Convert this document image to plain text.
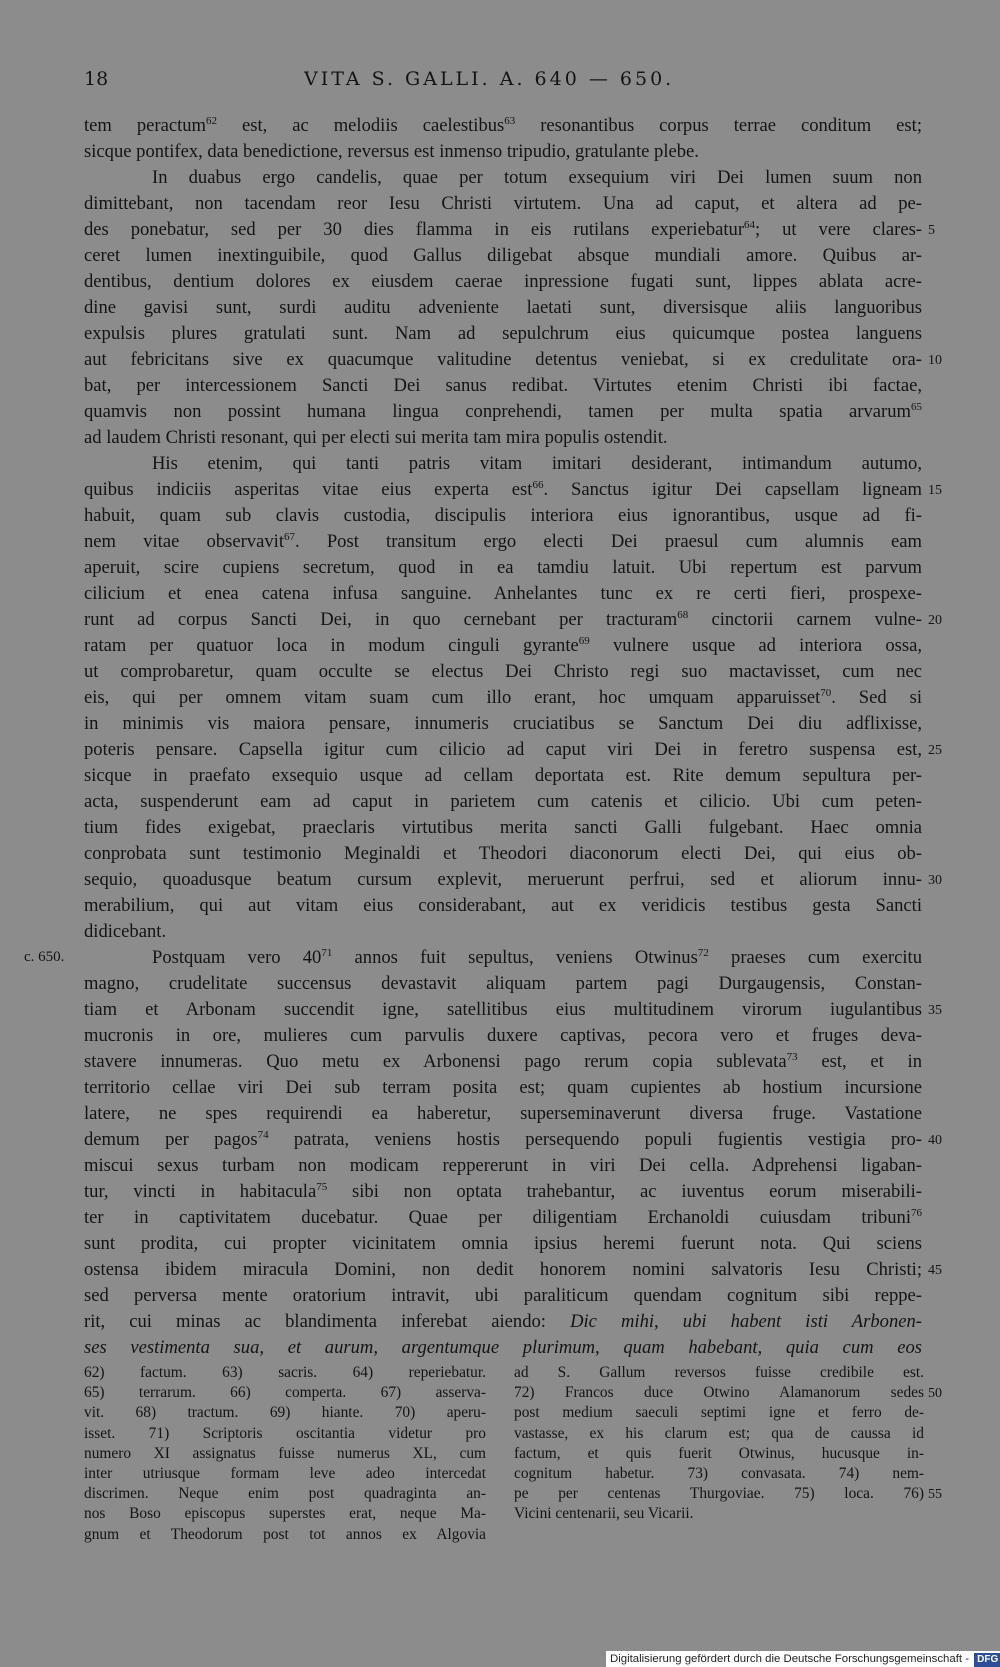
18	VITA S. GALLI. A. 640 — 650.
tem peractum$^{62}$ est, ac melodiis caelestibus$^{63}$ resonantibus corpus terrae conditum est;
sicque pontifex, data benedictione, reversus est inmenso tripudio, gratulante plebe.
In duabus ergo candelis, quae per totum exsequium viri Dei lumen suum non
dimittebant, non tacendam reor Iesu Christi virtutem. Una ad caput, et altera ad pe-
des ponebatur, sed per 30 dies flamma in eis rutilans experiebatur$^{64}$; ut vere clares-
ceret lumen inextinguibile, quod Gallus diligebat absque mundiali amore. Quibus ar-
dentibus, dentium dolores ex eiusdem caerae inpressione fugati sunt, lippes ablata acre-
dine gavisi sunt, surdi auditu adveniente laetati sunt, diversisque aliis languoribus
expulsis plures gratulati sunt. Nam ad sepulchrum eius quicumque postea languens
aut febricitans sive ex quacumque valitudine detentus veniebat, si ex credulitate ora-
bat, per intercessionem Sancti Dei sanus redibat. Virtutes etenim Christi ibi factae,
quamvis non possint humana lingua conprehendi, tamen per multa spatia arvarum$^{65}$
ad laudem Christi resonant, qui per electi sui merita tam mira populis ostendit.
His etenim, qui tanti patris vitam imitari desiderant, intimandum autumo,
quibus indiciis asperitas vitae eius experta est$^{66}$. Sanctus igitur Dei capsellam ligneam
habuit, quam sub clavis custodia, discipulis interiora eius ignorantibus, usque ad fi-
nem vitae observavit$^{67}$. Post transitum ergo electi Dei praesul cum alumnis eam
aperuit, scire cupiens secretum, quod in ea tamdiu latuit. Ubi repertum est parvum
cilicium et enea catena infusa sanguine. Anhelantes tunc ex re certi fieri, prospexe-
runt ad corpus Sancti Dei, in quo cernebant per tracturam$^{68}$ cinctorii carnem vulne-
ratam per quatuor loca in modum cinguli gyrante$^{69}$ vulnere usque ad interiora ossa,
ut comprobaretur, quam occulte se electus Dei Christo regi suo mactavisset, cum nec
eis, qui per omnem vitam suam cum illo erant, hoc umquam apparuisset$^{70}$. Sed si
in minimis vis maiora pensare, innumeris cruciatibus se Sanctum Dei diu adflixisse,
poteris pensare. Capsella igitur cum cilicio ad caput viri Dei in feretro suspensa est,
sicque in praefato exsequio usque ad cellam deportata est. Rite demum sepultura per-
acta, suspenderunt eam ad caput in parietem cum catenis et cilicio. Ubi cum peten-
tium fides exigebat, praeclaris virtutibus merita sancti Galli fulgebant. Haec omnia
conprobata sunt testimonio Meginaldi et Theodori diaconorum electi Dei, qui eius ob-
sequio, quoadusque beatum cursum explevit, meruerunt perfrui, sed et aliorum innu-
merabilium, qui aut vitam eius considerabant, aut ex veridicis testibus gesta Sancti
didicebant.
Postquam vero $40^{71}$ annos fuit sepultus, veniens Otwinus$^{72}$ praeses cum exercitu
magno, crudelitate succensus devastavit aliquam partem pagi Durgaugensis, Constan-
tiam et Arbonam succendit igne, satellitibus eius multitudinem virorum iugulantibus
mucronis in ore, mulieres cum parvulis duxere captivas, pecora vero et fruges deva-
stavere innumeras. Quo metu ex Arbonensi pago rerum copia sublevata$^{73}$ est, et in
territorio cellae viri Dei sub terram posita est; quam cupientes ab hostium incursione
latere, ne spes requirendi ea haberetur, superseminaverunt diversa fruge. Vastatione
demum per pagos$^{74}$ patrata, veniens hostis persequendo populi fugientis vestigia pro-
miscui sexus turbam non modicam reppererunt in viri Dei cella. Adprehensi ligaban-
tur, vincti in habitacula$^{75}$ sibi non optata trahebantur, ac iuventus eorum miserabili-
ter in captivitatem ducebatur. Quae per diligentiam Erchanoldi cuiusdam tribuni$^{76}$
sunt prodita, cui propter vicinitatem omnia ipsius heremi fuerunt nota. Qui sciens
ostensa ibidem miracula Domini, non dedit honorem nomini salvatoris Iesu Christi;
sed perversa mente oratorium intravit, ubi paraliticum quendam cognitum sibi reppe-
rit, cui minas ac blandimenta inferebat aiendo: Dic mihi, ubi habent isti Arbonen-
ses vestimenta sua, et aurum, argentumque plurimum, quam habebant, quia cum eos
5
10
15
20
25
30
c. 650.
35
40
45
50
55
62) factum. 63) sacris. 64) reperiebatur.
65) terrarum. 66) comperta. 67) asserva-
vit. 68) tractum. 69) hiante. 70) aperu-
isset. 71) Scriptoris oscitantia videtur pro
numero XI assignatus fuisse numerus XL, cum
inter utriusque formam leve adeo intercedat
discrimen. Neque enim post quadraginta an-
nos Boso episcopus superstes erat, neque Ma-
gnum et Theodorum post tot annos ex Algovia
ad S. Gallum reversos fuisse credibile est.
72) Francos duce Otwino Alamanorum sedes
post medium saeculi septimi igne et ferro de-
vastasse, ex his clarum est; qua de caussa id
factum, et quis fuerit Otwinus, hucusque in-
cognitum habetur. 73) convasata. 74) nem-
pe per centenas Thurgoviae. 75) loca. 76)
Vicini centenarii, seu Vicarii.
Digitalisierung gefördert durch die Deutsche Forschungsgemeinschaft - DFG
